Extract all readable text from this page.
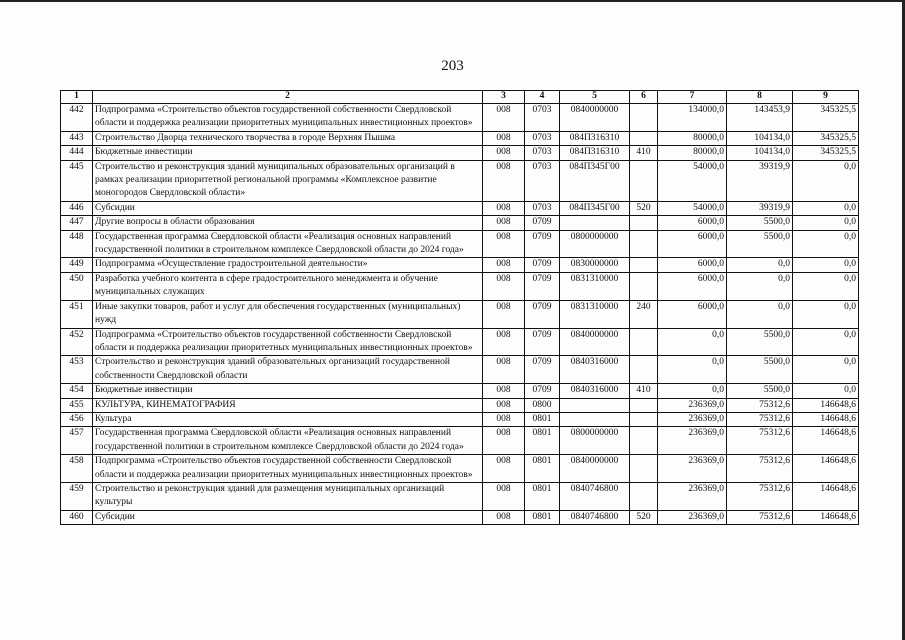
203
1	2	3	4	5	6	7	8	9
442	Подпрограмма «Строительство объектов государственной собственности Свердловской области и поддержка реализации приоритетных муниципальных инвестиционных проектов»	008	0703	0840000000		134000,0	143453,9	345325,5
443	Строительство Дворца технического творчества в городе Верхняя Пышма	008	0703	084П316310		80000,0	104134,0	345325,5
444	Бюджетные инвестиции	008	0703	084П316310	410	80000,0	104134,0	345325,5
445	Строительство и реконструкция зданий муниципальных образовательных организаций в рамках реализации приоритетной региональной программы «Комплексное развитие моногородов Свердловской области»	008	0703	084П345Г00		54000,0	39319,9	0,0
446	Субсидии	008	0703	084П345Г00	520	54000,0	39319,9	0,0
447	Другие вопросы в области образования	008	0709			6000,0	5500,0	0,0
448	Государственная программа Свердловской области «Реализация основных направлений государственной политики в строительном комплексе Свердловской области до 2024 года»	008	0709	0800000000		6000,0	5500,0	0,0
449	Подпрограмма «Осуществление градостроительной деятельности»	008	0709	0830000000		6000,0	0,0	0,0
450	Разработка учебного контента в сфере градостроительного менеджмента и обучение муниципальных служащих	008	0709	0831310000		6000,0	0,0	0,0
451	Иные закупки товаров, работ и услуг для обеспечения государственных (муниципальных) нужд	008	0709	0831310000	240	6000,0	0,0	0,0
452	Подпрограмма «Строительство объектов государственной собственности Свердловской области и поддержка реализации приоритетных муниципальных инвестиционных проектов»	008	0709	0840000000		0,0	5500,0	0,0
453	Строительство и реконструкция зданий образовательных организаций государственной собственности Свердловской области	008	0709	0840316000		0,0	5500,0	0,0
454	Бюджетные инвестиции	008	0709	0840316000	410	0,0	5500,0	0,0
455	КУЛЬТУРА, КИНЕМАТОГРАФИЯ	008	0800			236369,0	75312,6	146648,6
456	Культура	008	0801			236369,0	75312,6	146648,6
457	Государственная программа Свердловской области «Реализация основных направлений государственной политики в строительном комплексе Свердловской области до 2024 года»	008	0801	0800000000		236369,0	75312,6	146648,6
458	Подпрограмма «Строительство объектов государственной собственности Свердловской области и поддержка реализации приоритетных муниципальных инвестиционных проектов»	008	0801	0840000000		236369,0	75312,6	146648,6
459	Строительство и реконструкция зданий для размещения муниципальных организаций культуры	008	0801	0840746800		236369,0	75312,6	146648,6
460	Субсидии	008	0801	0840746800	520	236369,0	75312,6	146648,6
